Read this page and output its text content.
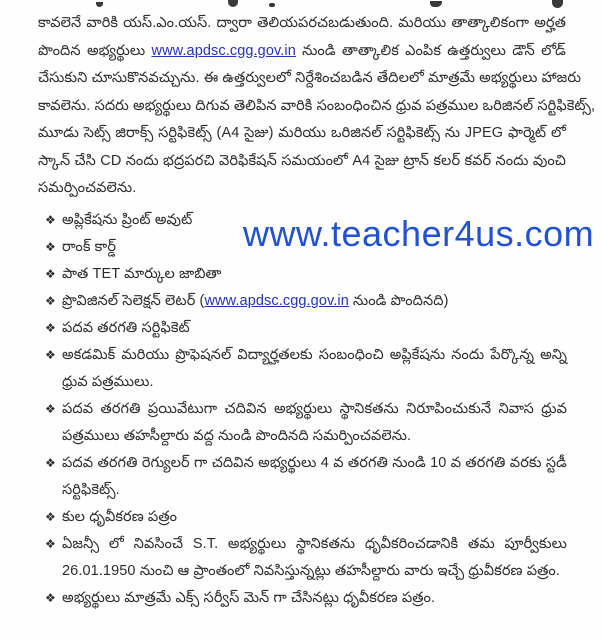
కావలెనే వారికి యస్.ఎం.యస్. ద్వారా తెలియపరచబడుతుంది. మరియు తాత్కాలికంగా అర్హత
పొందిన అభ్యర్థులు www.apdsc.cgg.gov.in నుండి తాత్కాలిక ఎంపిక ఉత్తర్వులు డౌన్ లోడ్
చేసుకుని చూసుకొనవచ్చును. ఈ ఉత్తర్వులలో నిర్దేశించబడిన తేదిలలో మాత్రమే అభ్యర్థులు హాజరు
కావలెను. సదరు అభ్యర్థులు దిగువ తెలిపిన వారికి సంబంధించిన ధ్రువ పత్రముల ఒరిజినల్ సర్టిఫికెట్స్,
మూడు సెట్స్ జిరాక్స్ సర్టిఫికెట్స్ (A4 సైజు) మరియు ఒరిజినల్ సర్టిఫికెట్స్ ను JPEG ఫార్మెట్ లో
స్కాన్ చేసి CD నందు భద్రపరచి వెరిఫికేషన్ సమయంలో A4 సైజు ట్రాన్ కలర్ కవర్ నందు వుంచి
సమర్పించవలెను.
❖ అప్లికేషను ప్రింట్ అవుట్
❖ రాంక్ కార్డ్
❖ పాత TET మార్కుల జాబితా
❖ ప్రొవిజినల్ సెలెక్షన్ లెటర్ (www.apdsc.cgg.gov.in నుండి పొందినది)
❖ పదవ తరగతి సర్టిఫికెట్
❖ అకడమిక్ మరియు ప్రొఫెషనల్ విద్యార్హతలకు సంబంధించి అప్లికేషను నందు పేర్కొన్న అన్ని ధ్రువ పత్రములు.
❖ పదవ తరగతి ప్రయివేటుగా చదివిన అభ్యర్థులు స్థానికతను నిరూపించుకునే నివాస ధ్రువ పత్రములు తహసీల్దారు వద్ద నుండి పొందినది సమర్పించవలెను.
❖ పదవ తరగతి రెగ్యులర్ గా చదివిన అభ్యర్థులు 4 వ తరగతి నుండి 10 వ తరగతి వరకు స్టడీ సర్టిఫికెట్స్.
❖ కుల ధృవీకరణ పత్రం
❖ ఏజన్సీ లో నివసించే S.T. అభ్యర్థులు స్థానికతను ధృవీకరించడానికి తమ పూర్వీకులు 26.01.1950 నుంచి ఆ ప్రాంతంలో నివసిస్తున్నట్లు తహసీల్దారు వారు ఇచ్చే ధ్రువీకరణ పత్రం.
❖ అభ్యర్థులు మాత్రమే ఎక్స్ సర్వీస్ మెన్ గా చేసినట్లు ధృవీకరణ పత్రం.
www.teacher4us.com
